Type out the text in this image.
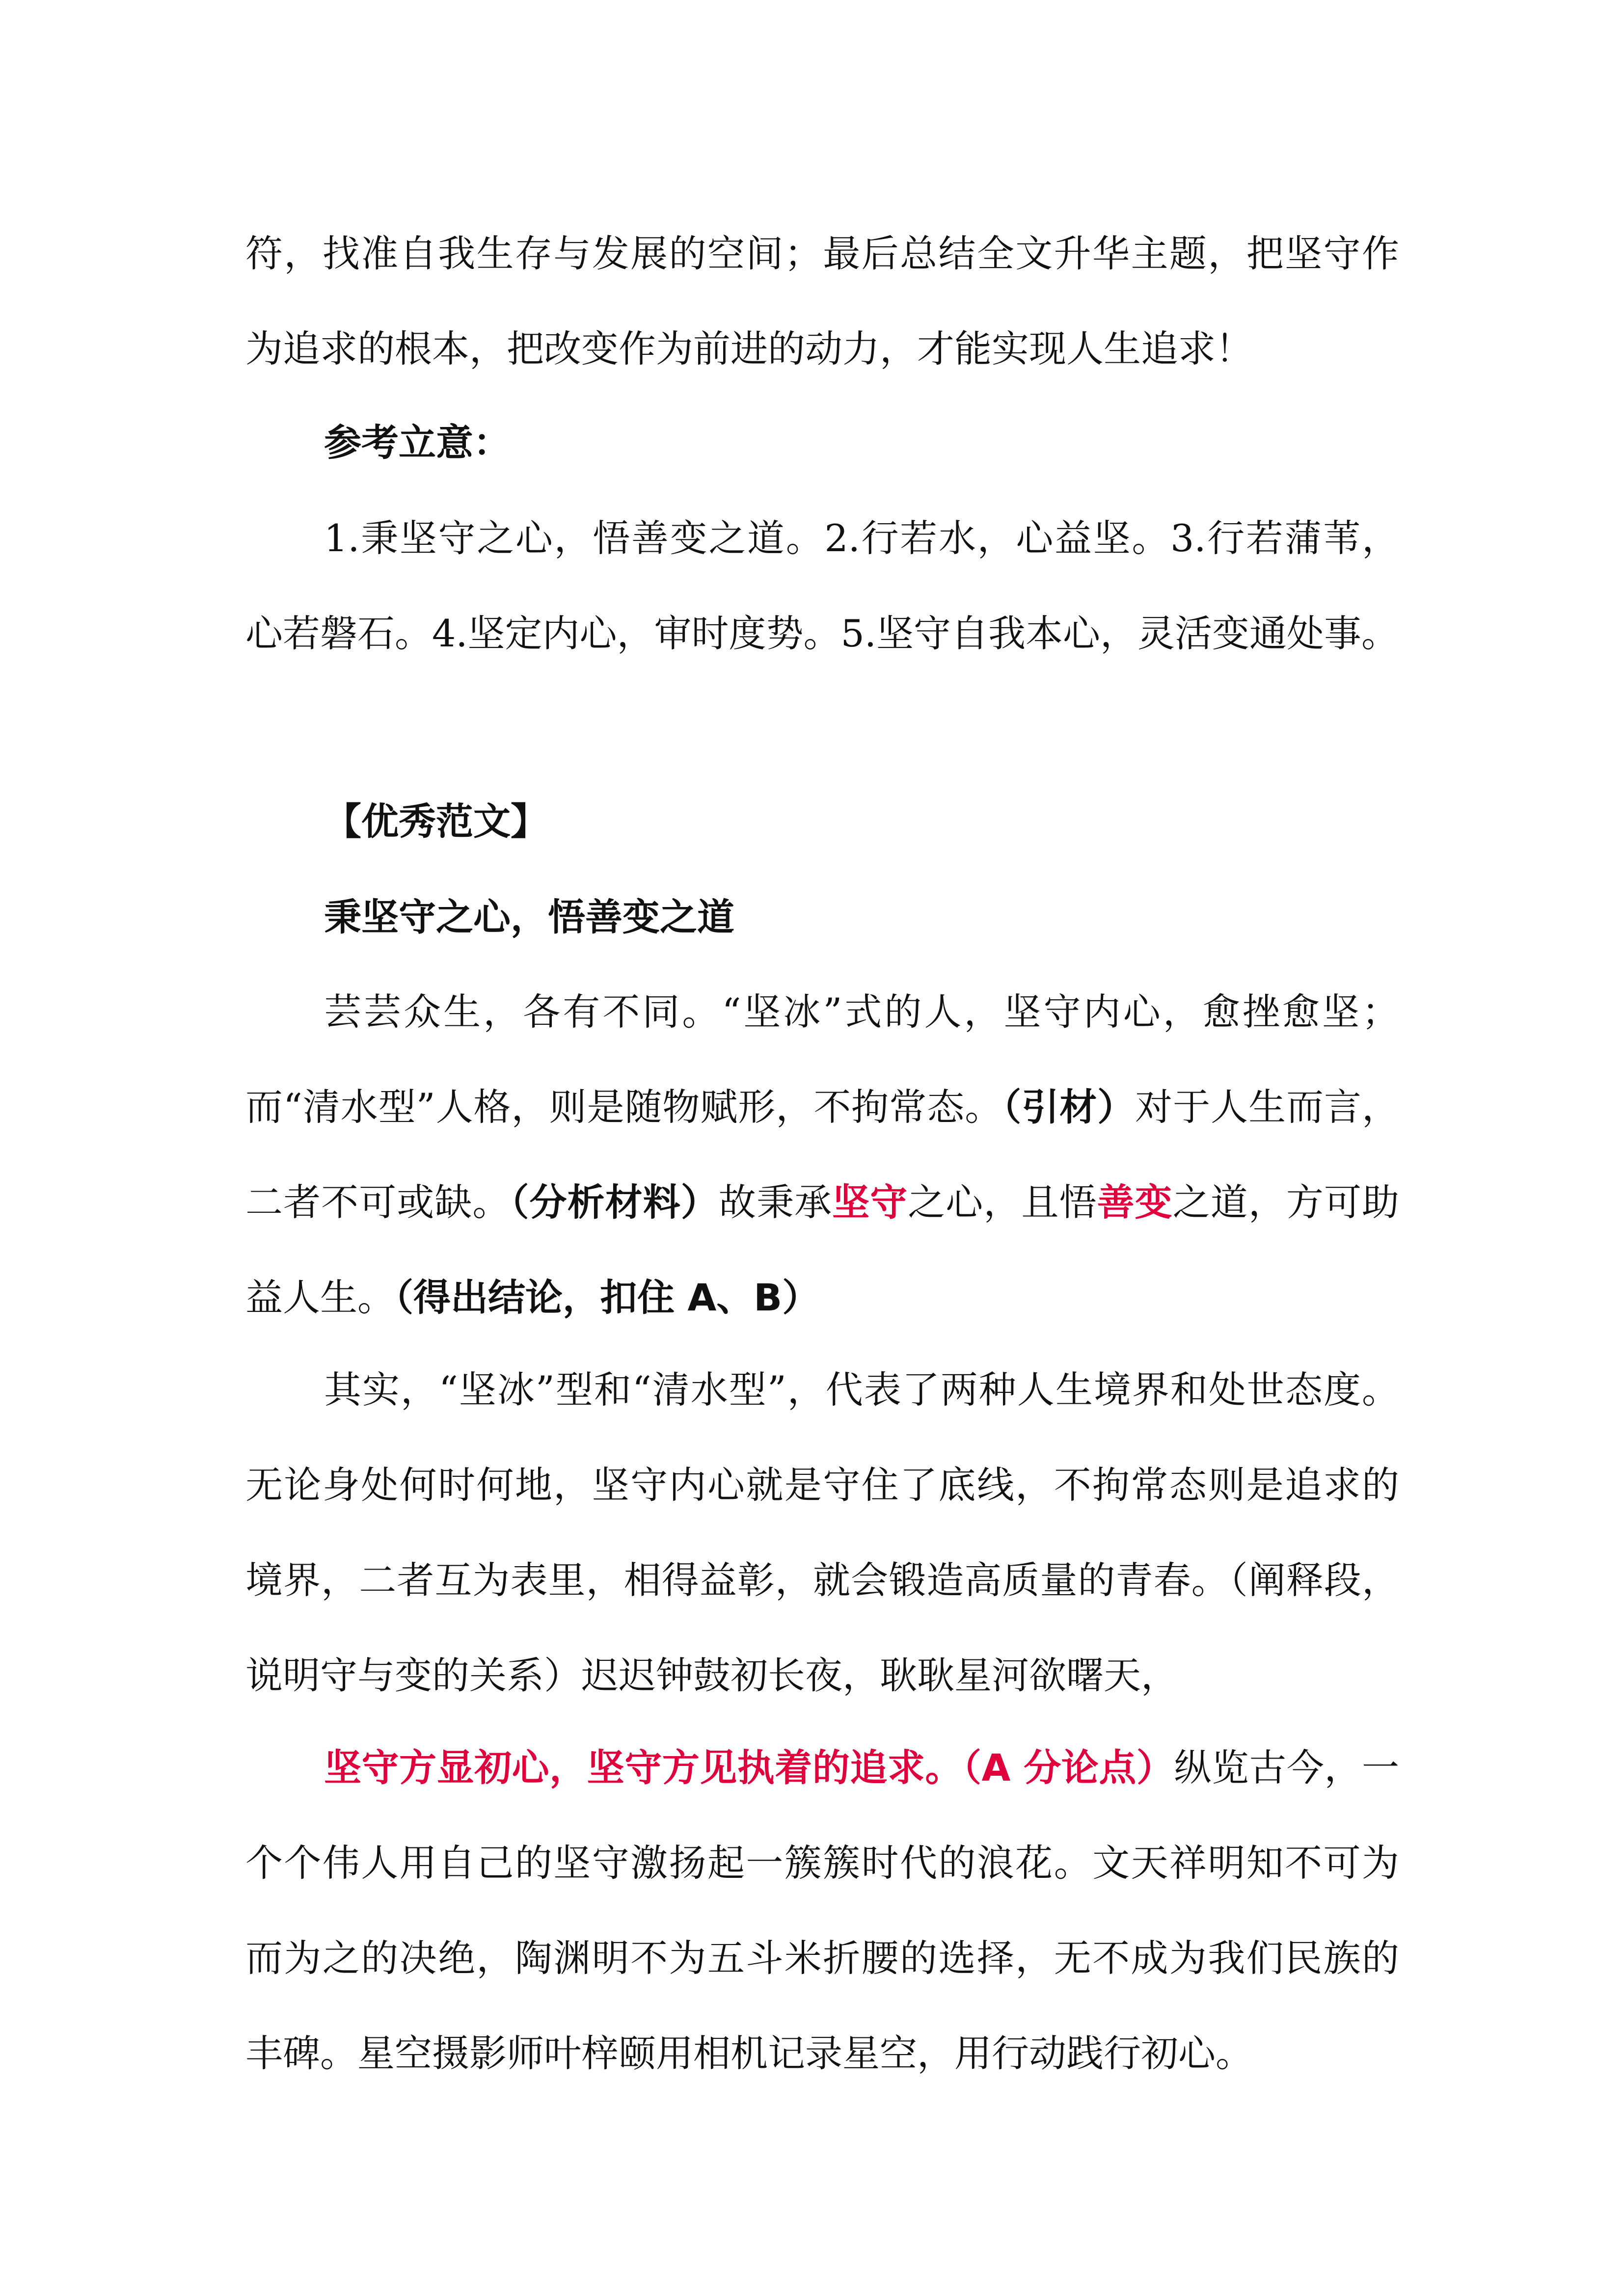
符，找准自我生存与发展的空间；最后总结全文升华主题，把坚守作为追求的根本，把改变作为前进的动力，才能实现人生追求！

参考立意：

1.秉坚守之心，悟善变之道。2.行若水，心益坚。3.行若蒲苇，心若磐石。4.坚定内心，审时度势。5.坚守自我本心，灵活变通处事。

【优秀范文】

秉坚守之心，悟善变之道

芸芸众生，各有不同。“坚冰”式的人，坚守内心，愈挫愈坚；而“清水型”人格，则是随物赋形，不拘常态。（引材）对于人生而言，二者不可或缺。（分析材料）故秉承坚守之心，且悟善变之道，方可助益人生。（得出结论，扣住 A、B）

其实，“坚冰”型和“清水型”，代表了两种人生境界和处世态度。无论身处何时何地，坚守内心就是守住了底线，不拘常态则是追求的境界，二者互为表里，相得益彰，就会锻造高质量的青春。（阐释段，说明守与变的关系）迟迟钟鼓初长夜，耿耿星河欲曙天，

坚守方显初心，坚守方见执着的追求。（A 分论点）纵览古今，一个个伟人用自己的坚守激扬起一簇簇时代的浪花。文天祥明知不可为而为之的决绝，陶渊明不为五斗米折腰的选择，无不成为我们民族的丰碑。星空摄影师叶梓颐用相机记录星空，用行动践行初心。
